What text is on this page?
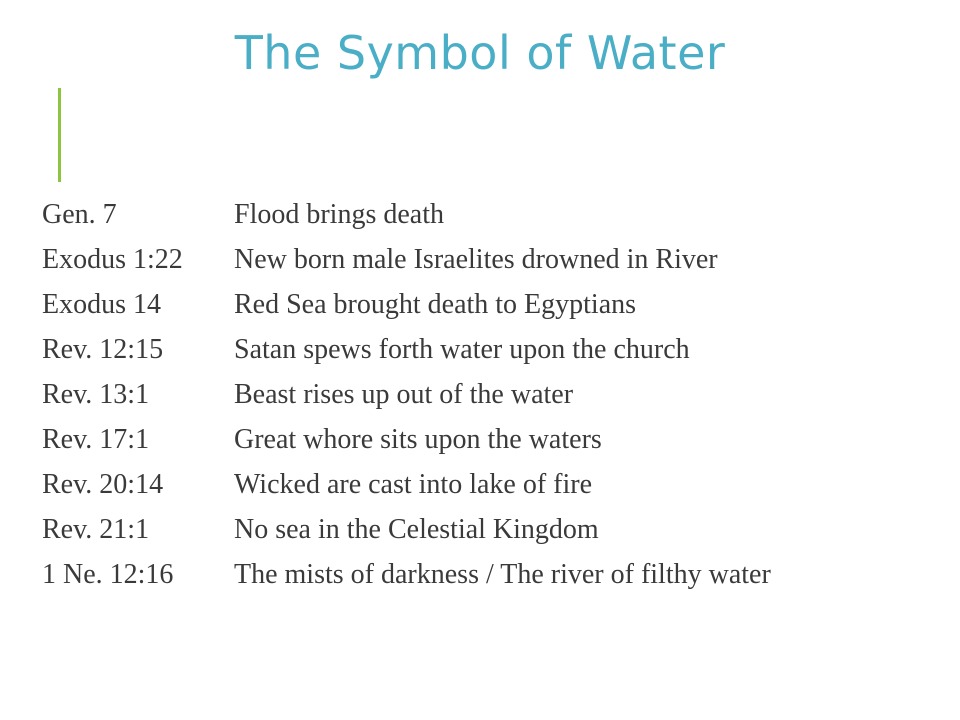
The Symbol of Water
Gen. 7	Flood brings death
Exodus 1:22	New born male Israelites drowned in River
Exodus 14	Red Sea brought death to Egyptians
Rev. 12:15	Satan spews forth water upon the church
Rev. 13:1	Beast rises up out of the water
Rev. 17:1	Great whore sits upon the waters
Rev. 20:14	Wicked are cast into lake of fire
Rev. 21:1	No sea in the Celestial Kingdom
1 Ne. 12:16	The mists of darkness / The river of filthy water
